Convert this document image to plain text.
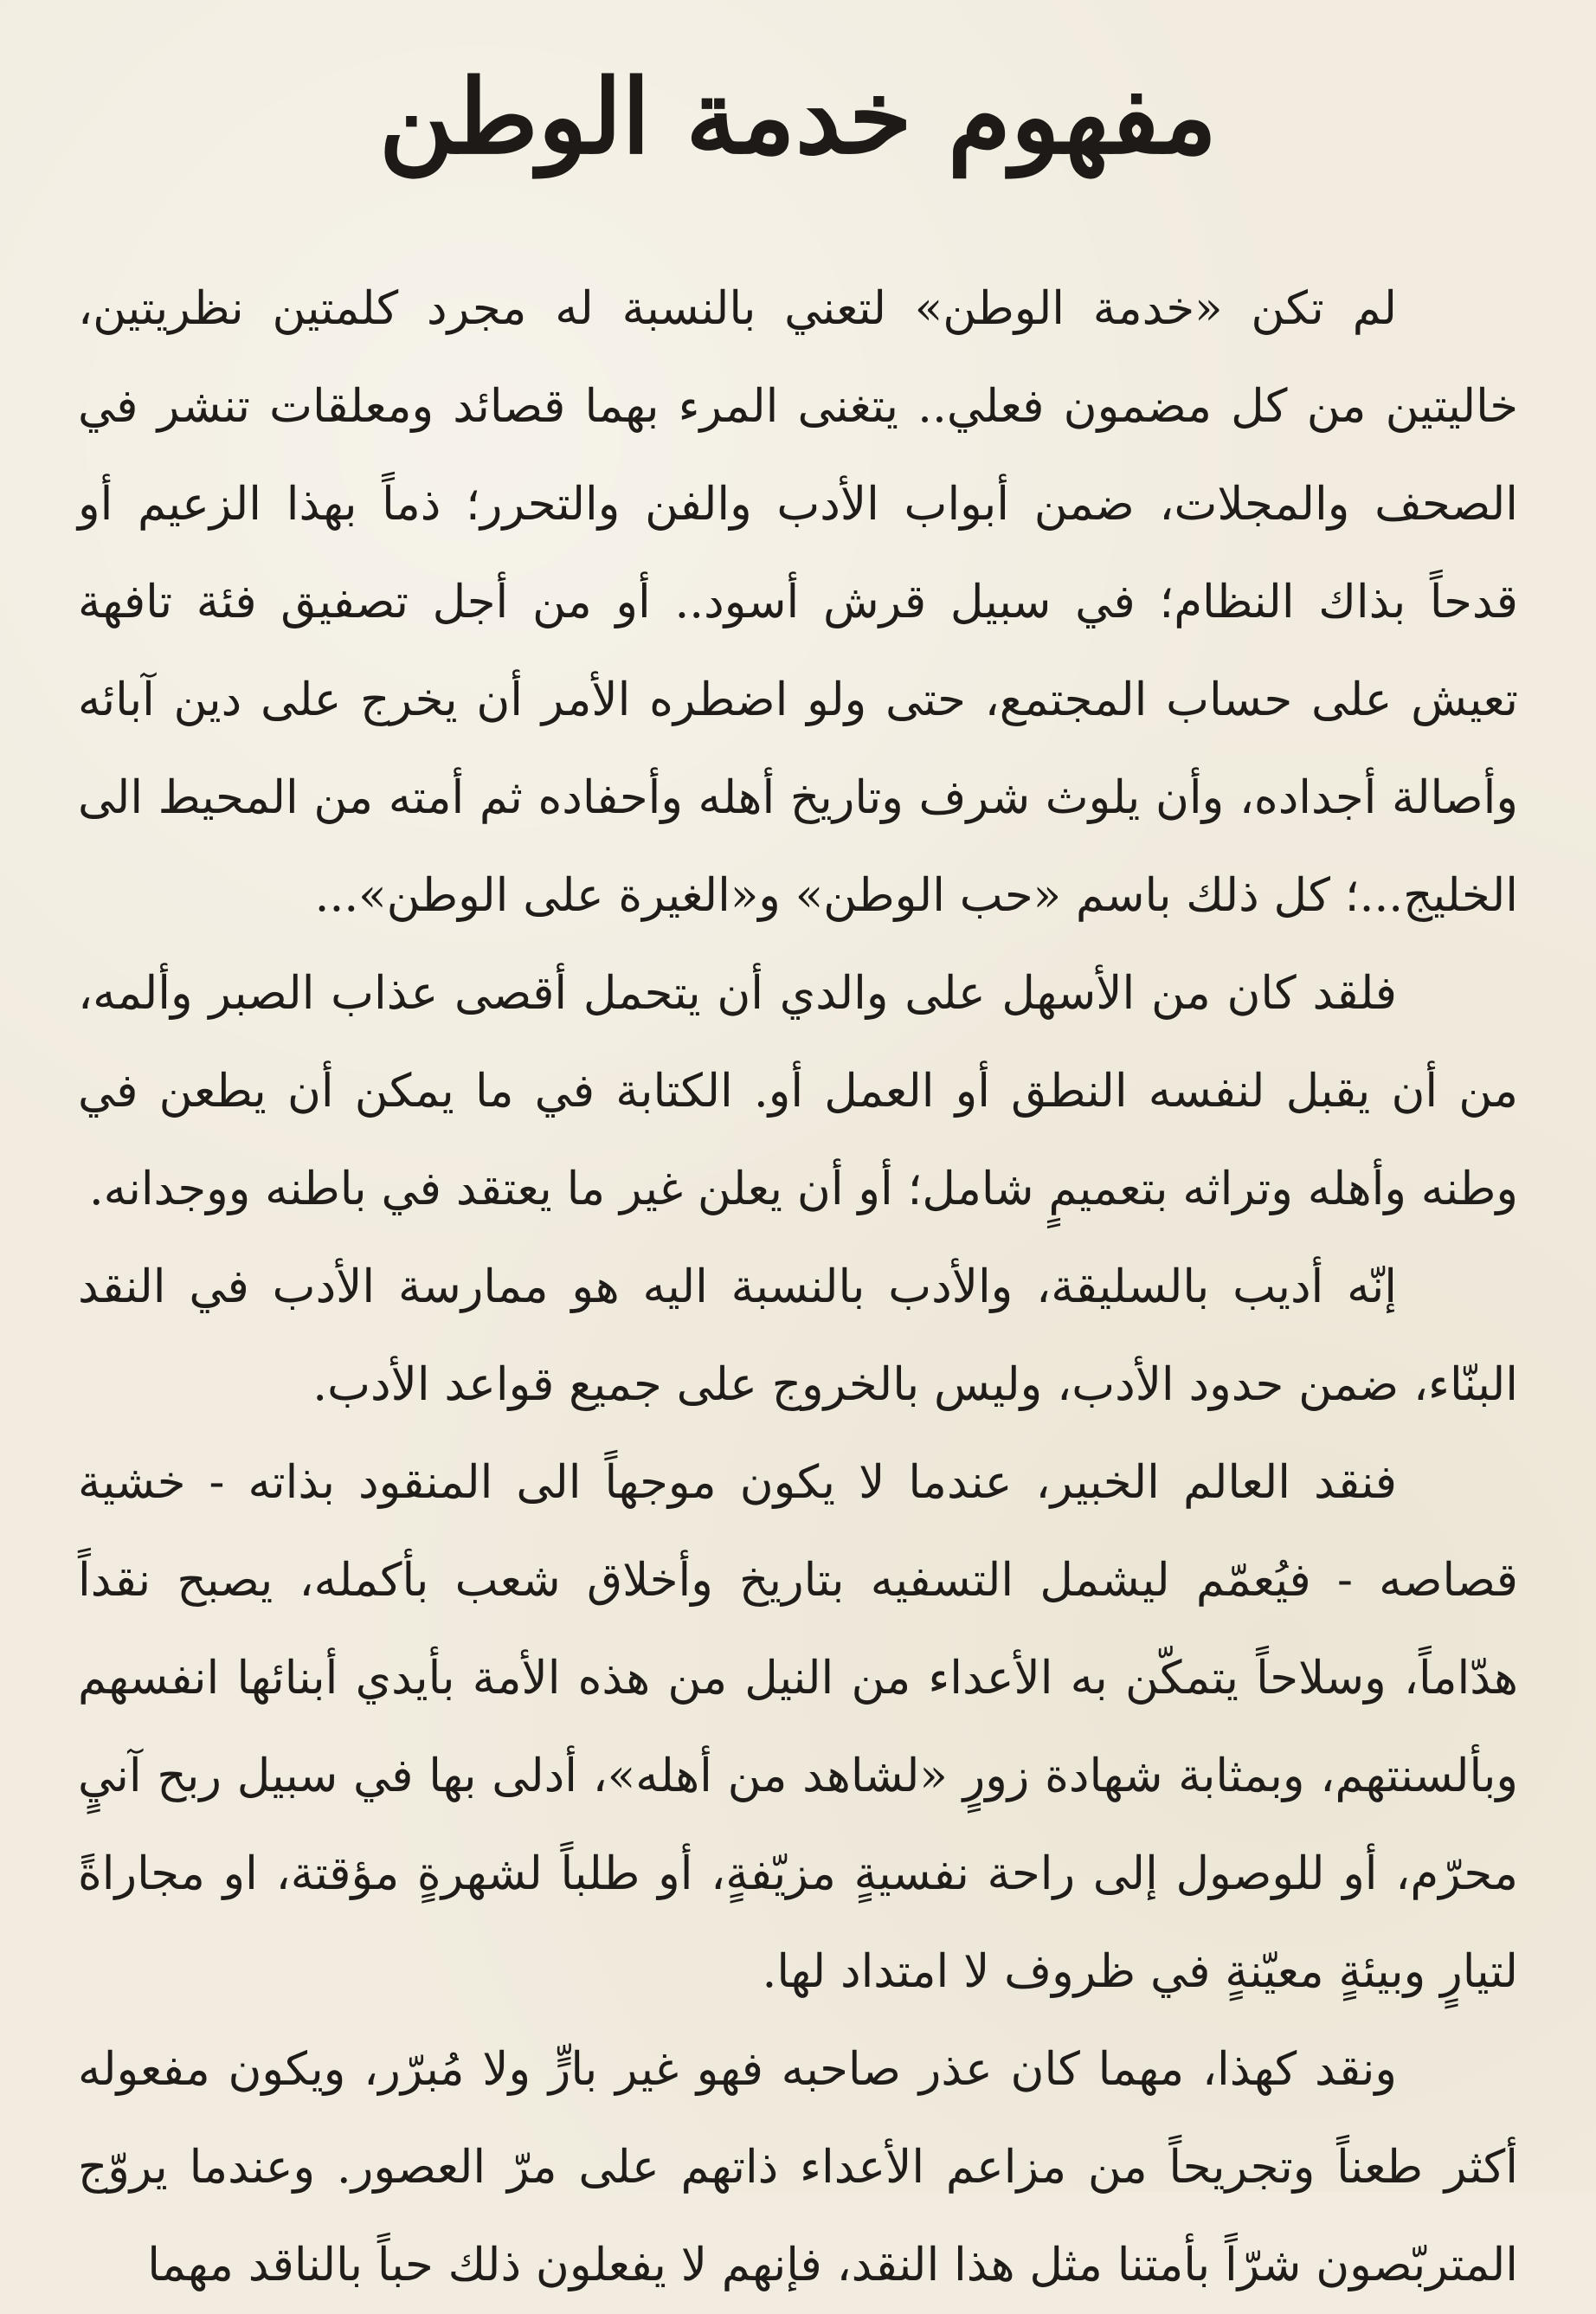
مفهوم خدمة الوطن

لم تكن «خدمة الوطن» لتعني بالنسبة له مجرد كلمتين نظريتين، خاليتين من كل مضمون فعلي.. يتغنى المرء بهما قصائد ومعلقات تنشر في الصحف والمجلات، ضمن أبواب الأدب والفن والتحرر؛ ذماً بهذا الزعيم أو قدحاً بذاك النظام؛ في سبيل قرش أسود.. أو من أجل تصفيق فئة تافهة تعيش على حساب المجتمع، حتى ولو اضطره الأمر أن يخرج على دين آبائه وأصالة أجداده، وأن يلوث شرف وتاريخ أهله وأحفاده ثم أمته من المحيط الى الخليج...؛ كل ذلك باسم «حب الوطن» و«الغيرة على الوطن»...

فلقد كان من الأسهل على والدي أن يتحمل أقصى عذاب الصبر وألمه، من أن يقبل لنفسه النطق أو العمل أو. الكتابة في ما يمكن أن يطعن في وطنه وأهله وتراثه بتعميمٍ شامل؛ أو أن يعلن غير ما يعتقد في باطنه ووجدانه.

إنّه أديب بالسليقة، والأدب بالنسبة اليه هو ممارسة الأدب في النقد البنّاء، ضمن حدود الأدب، وليس بالخروج على جميع قواعد الأدب.

فنقد العالم الخبير، عندما لا يكون موجهاً الى المنقود بذاته - خشية قصاصه - فيُعمّم ليشمل التسفيه بتاريخ وأخلاق شعب بأكمله، يصبح نقداً هدّاماً، وسلاحاً يتمكّن به الأعداء من النيل من هذه الأمة بأيدي أبنائها انفسهم وبألسنتهم، وبمثابة شهادة زورٍ «لشاهد من أهله»، أدلى بها في سبيل ربح آنيٍ محرّم، أو للوصول إلى راحة نفسيةٍ مزيّفةٍ، أو طلباً لشهرةٍ مؤقتة، او مجاراةً لتيارٍ وبيئةٍ معيّنةٍ في ظروف لا امتداد لها.

ونقد كهذا، مهما كان عذر صاحبه فهو غير بارٍّ ولا مُبرّر، ويكون مفعوله أكثر طعناً وتجريحاً من مزاعم الأعداء ذاتهم على مرّ العصور. وعندما يروّج المتربّصون شرّاً بأمتنا مثل هذا النقد، فإنهم لا يفعلون ذلك حباً بالناقد مهما
